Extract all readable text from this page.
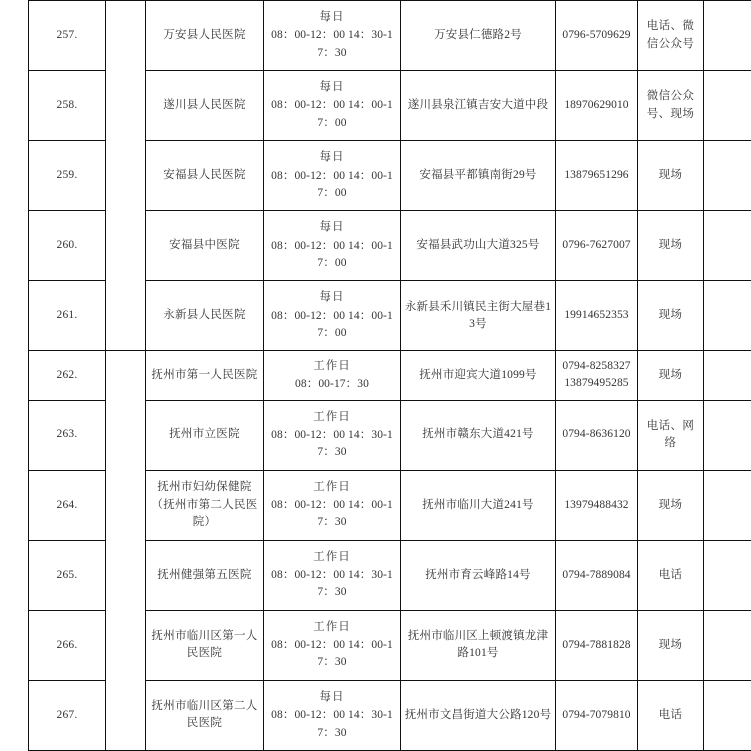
257.		万安县人民医院	每日
08：00-12：00 14：30-17：30	万安县仁德路2号	0796-5709629	电话、微信公众号	
258.		遂川县人民医院	每日
08：00-12：00 14：00-17：00	遂川县泉江镇吉安大道中段	18970629010	微信公众号、现场	
259.		安福县人民医院	每日
08：00-12：00 14：00-17：00	安福县平都镇南街29号	13879651296	现场	
260.		安福县中医院	每日
08：00-12：00 14：00-17：00	安福县武功山大道325号	0796-7627007	现场	
261.		永新县人民医院	每日
08：00-12：00 14：00-17：00	永新县禾川镇民主街大屋巷13号	19914652353	现场	
262.		抚州市第一人民医院	工作日
08：00-17：30	抚州市迎宾大道1099号	0794-8258327
13879495285	现场	
263.		抚州市立医院	工作日
08：00-12：00 14：30-17：30	抚州市赣东大道421号	0794-8636120	电话、网络	
264.		抚州市妇幼保健院（抚州市第二人民医院）	工作日
08：00-12：00 14：00-17：30	抚州市临川大道241号	13979488432	现场	
265.		抚州健强第五医院	工作日
08：00-12：00 14：30-17：30	抚州市育云峰路14号	0794-7889084	电话	
266.		抚州市临川区第一人民医院	工作日
08：00-12：00 14：00-17：30	抚州市临川区上顿渡镇龙津路101号	0794-7881828	现场	
267.		抚州市临川区第二人民医院	每日
08：00-12：00 14：30-17：30	抚州市文昌街道大公路120号	0794-7079810	电话	
